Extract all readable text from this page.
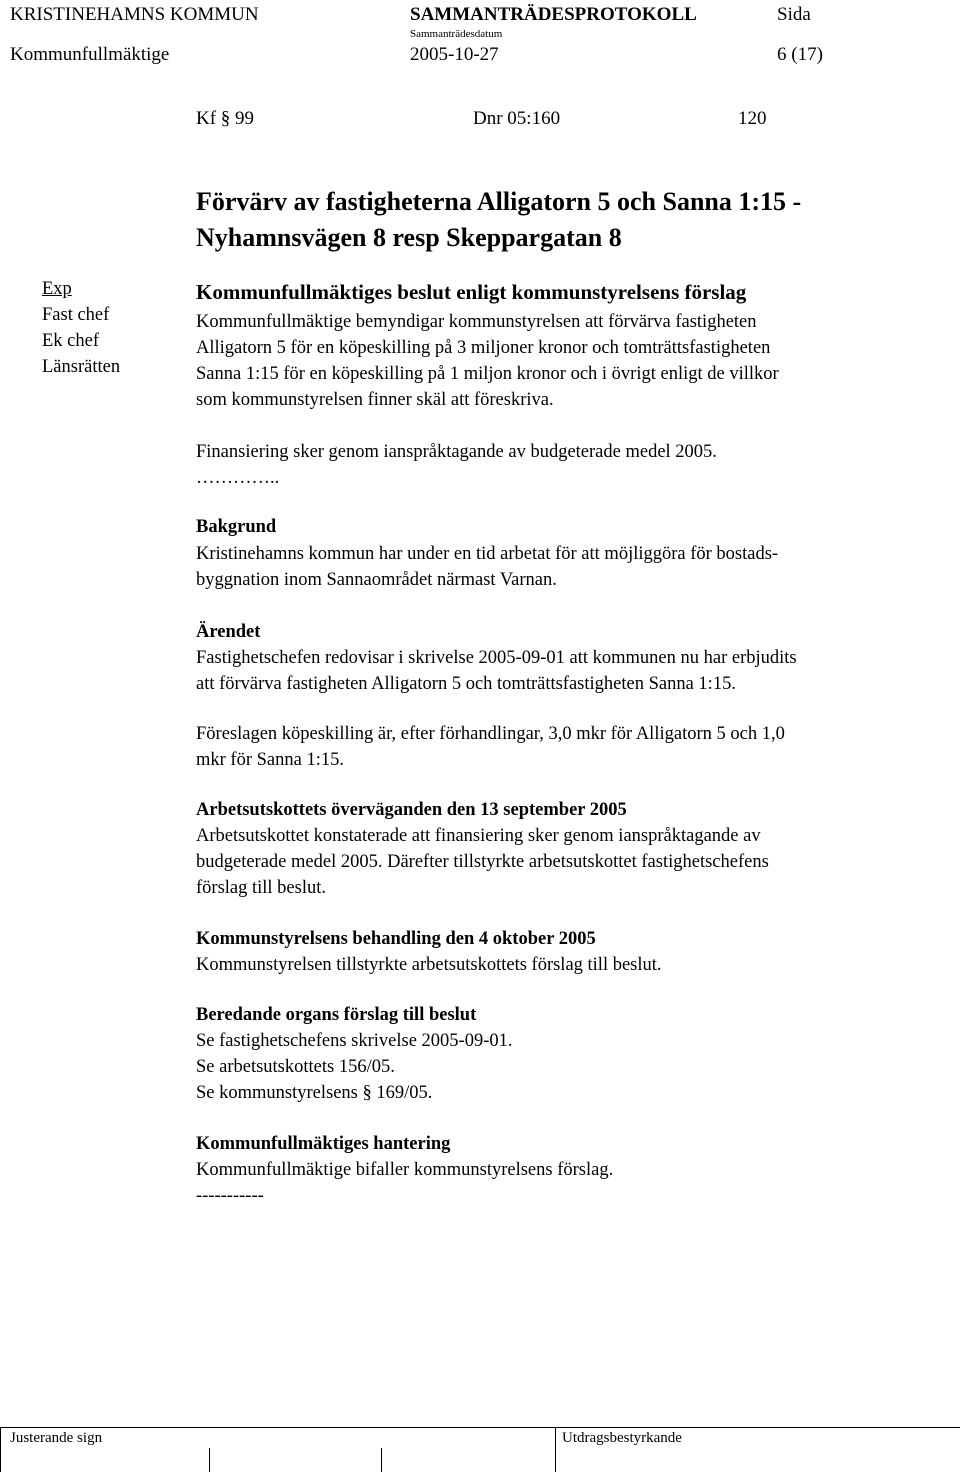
KRISTINEHAMNS KOMMUN	SAMMANTRÄDESPROTOKOLL	Sida
Sammanträdesdatum
Kommunfullmäktige	2005-10-27	6 (17)
Kf § 99	Dnr 05:160	120
Förvärv av fastigheterna Alligatorn 5 och Sanna 1:15 -
Nyhamnsvägen 8 resp Skeppargatan 8
Exp
Fast chef
Ek chef
Länsrätten
Kommunfullmäktiges beslut enligt kommunstyrelsens förslag
Kommunfullmäktige bemyndigar kommunstyrelsen att förvärva fastigheten
Alligatorn 5 för en köpeskilling på 3 miljoner kronor och tomträttsfastigheten
Sanna 1:15 för en köpeskilling på 1 miljon kronor och i övrigt enligt de villkor
som kommunstyrelsen finner skäl att föreskriva.
Finansiering sker genom ianspråktagande av budgeterade medel 2005.
…………..
Bakgrund
Kristinehamns kommun har under en tid arbetat för att möjliggöra för bostads-
byggnation inom Sannaområdet närmast Varnan.
Ärendet
Fastighetschefen redovisar i skrivelse 2005-09-01 att kommunen nu har erbjudits
att förvärva fastigheten Alligatorn 5 och tomträttsfastigheten Sanna 1:15.
Föreslagen köpeskilling är, efter förhandlingar, 3,0 mkr för Alligatorn 5 och 1,0
mkr för Sanna 1:15.
Arbetsutskottets överväganden den 13 september 2005
Arbetsutskottet konstaterade att finansiering sker genom ianspråktagande av
budgeterade medel 2005. Därefter tillstyrkte arbetsutskottet fastighetschefens
förslag till beslut.
Kommunstyrelsens behandling den 4 oktober 2005
Kommunstyrelsen tillstyrkte arbetsutskottets förslag till beslut.
Beredande organs förslag till beslut
Se fastighetschefens skrivelse 2005-09-01.
Se arbetsutskottets 156/05.
Se kommunstyrelsens § 169/05.
Kommunfullmäktiges hantering
Kommunfullmäktige bifaller kommunstyrelsens förslag.
-----------
Justerande sign	Utdragsbestyrkande
